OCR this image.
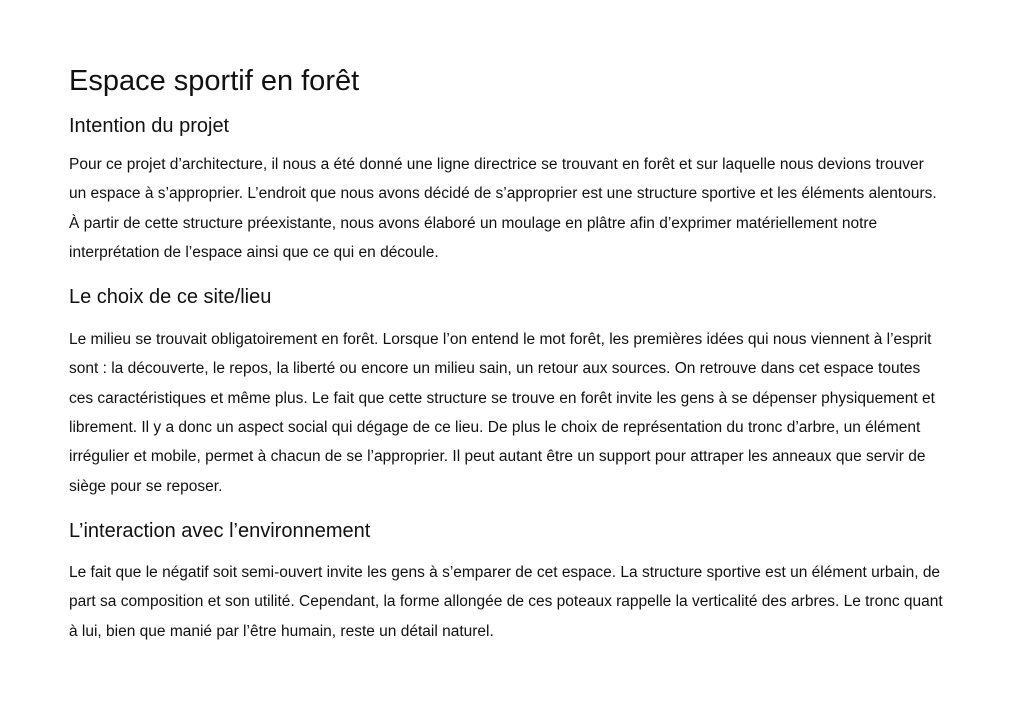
Espace sportif en forêt
Intention du projet

Pour ce projet d’architecture, il nous a été donné une ligne directrice se trouvant en forêt et sur laquelle nous devions trouver un espace à s’approprier. L’endroit que nous avons décidé de s’approprier est une structure sportive et les éléments alentours. À partir de cette structure préexistante, nous avons élaboré un moulage en plâtre afin d’exprimer matériellement notre interprétation de l’espace ainsi que ce qui en découle.

Le choix de ce site/lieu

Le milieu se trouvait obligatoirement en forêt. Lorsque l’on entend le mot forêt, les premières idées qui nous viennent à l’esprit sont : la découverte, le repos, la liberté ou encore un milieu sain, un retour aux sources. On retrouve dans cet espace toutes ces caractéristiques et même plus. Le fait que cette structure se trouve en forêt invite les gens à se dépenser physiquement et librement. Il y a donc un aspect social qui dégage de ce lieu. De plus le choix de représentation du tronc d’arbre, un élément irrégulier et mobile, permet à chacun de se l’approprier. Il peut autant être un support pour attraper les anneaux que servir de siège pour se reposer.

L’interaction avec l’environnement

Le fait que le négatif soit semi-ouvert invite les gens à s’emparer de cet espace. La structure sportive est un élément urbain, de part sa composition et son utilité. Cependant, la forme allongée de ces poteaux rappelle la verticalité des arbres. Le tronc quant à lui, bien que manié par l’être humain, reste un détail naturel.
